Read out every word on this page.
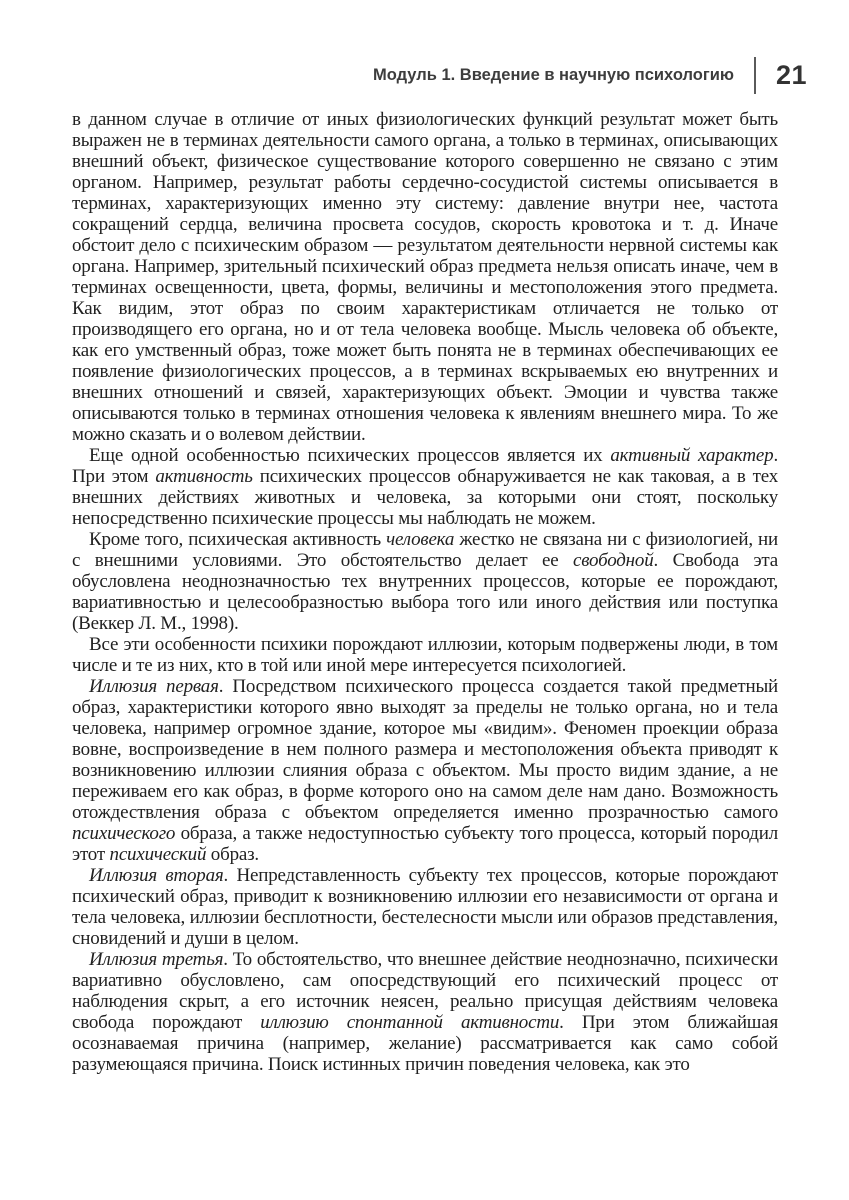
Модуль 1. Введение в научную психологию 21

в данном случае в отличие от иных физиологических функций результат может быть выражен не в терминах деятельности самого органа, а только в терминах, описывающих внешний объект, физическое существование которого совершенно не связано с этим органом. Например, результат работы сердечно-сосудистой системы описывается в терминах, характеризующих именно эту систему: давление внутри нее, частота сокращений сердца, величина просвета сосудов, скорость кровотока и т. д. Иначе обстоит дело с психическим образом — результатом деятельности нервной системы как органа. Например, зрительный психический образ предмета нельзя описать иначе, чем в терминах освещенности, цвета, формы, величины и местоположения этого предмета. Как видим, этот образ по своим характеристикам отличается не только от производящего его органа, но и от тела человека вообще. Мысль человека об объекте, как его умственный образ, тоже может быть понята не в терминах обеспечивающих ее появление физиологических процессов, а в терминах вскрываемых ею внутренних и внешних отношений и связей, характеризующих объект. Эмоции и чувства также описываются только в терминах отношения человека к явлениям внешнего мира. То же можно сказать и о волевом действии.

Еще одной особенностью психических процессов является их активный характер. При этом активность психических процессов обнаруживается не как таковая, а в тех внешних действиях животных и человека, за которыми они стоят, поскольку непосредственно психические процессы мы наблюдать не можем.

Кроме того, психическая активность человека жестко не связана ни с физиологией, ни с внешними условиями. Это обстоятельство делает ее свободной. Свобода эта обусловлена неоднозначностью тех внутренних процессов, которые ее порождают, вариативностью и целесообразностью выбора того или иного действия или поступка (Веккер Л. М., 1998).

Все эти особенности психики порождают иллюзии, которым подвержены люди, в том числе и те из них, кто в той или иной мере интересуется психологией.

Иллюзия первая. Посредством психического процесса создается такой предметный образ, характеристики которого явно выходят за пределы не только органа, но и тела человека, например огромное здание, которое мы «видим». Феномен проекции образа вовне, воспроизведение в нем полного размера и местоположения объекта приводят к возникновению иллюзии слияния образа с объектом. Мы просто видим здание, а не переживаем его как образ, в форме которого оно на самом деле нам дано. Возможность отождествления образа с объектом определяется именно прозрачностью самого психического образа, а также недоступностью субъекту того процесса, который породил этот психический образ.

Иллюзия вторая. Непредставленность субъекту тех процессов, которые порождают психический образ, приводит к возникновению иллюзии его независимости от органа и тела человека, иллюзии бесплотности, бестелесности мысли или образов представления, сновидений и души в целом.

Иллюзия третья. То обстоятельство, что внешнее действие неоднозначно, психически вариативно обусловлено, сам опосредствующий его психический процесс от наблюдения скрыт, а его источник неясен, реально присущая действиям человека свобода порождают иллюзию спонтанной активности. При этом ближайшая осознаваемая причина (например, желание) рассматривается как само собой разумеющаяся причина. Поиск истинных причин поведения человека, как это
